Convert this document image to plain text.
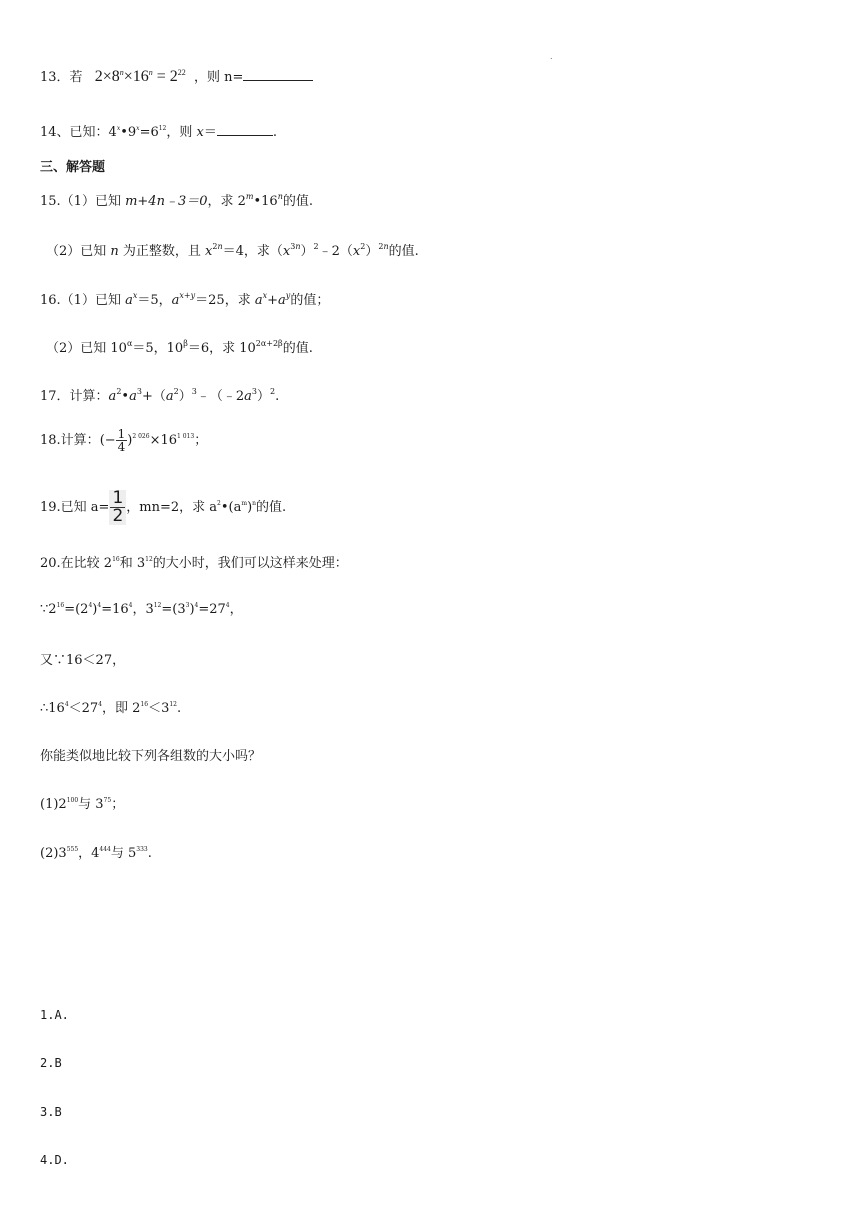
.
13．若   $2\times 8^n\times 16^n = 2^{22}$ ，则 n=
14、已知：$4^x•9^x=6^{12}$，则 x＝	.
三、解答题
15.（1）已知 m+4n﹣3＝0，求 2$^m$•16$^n$的值.
（2）已知 n 为正整数，且 $x^{2n}=4$，求$(x^{3n})^2﹣2(x^2)^{2n}$的值.
16.（1）已知 $a^x=5$，$a^{x+y}=25$，求 $a^x+a^y$的值；
（2）已知 $10^\alpha=5$，$10^\beta=6$，求 $10^{2\alpha+2\beta}$的值.
17．计算：$a^2•a^3+(a^2)^3﹣(﹣2a^3)^2$.
18.计算：(− $\frac{1}{4} )^{2 026}\times 16^{1 013}$；
19.已知 $a= \frac{1}{2}$ ，mn=2，求 $a^2•(a^m)^n$的值.
20.在比较 $2^{16}$和 $3^{12}$的大小时，我们可以这样来处理：
$\because 2^{16}=(2^4)^4=16^4$，$3^{12}=(3^3)^4=27^4$，
又∵16＜27，
$\therefore 16^4<27^4$，即 $2^{16}<3^{12}$.
你能类似地比较下列各组数的大小吗？
$(1)2^{100}$与 $3^{75}$；
$(2)3^{555}$，$4^{444}$与 $5^{333}$.
1.A.
2.B
3.B
4.D.
